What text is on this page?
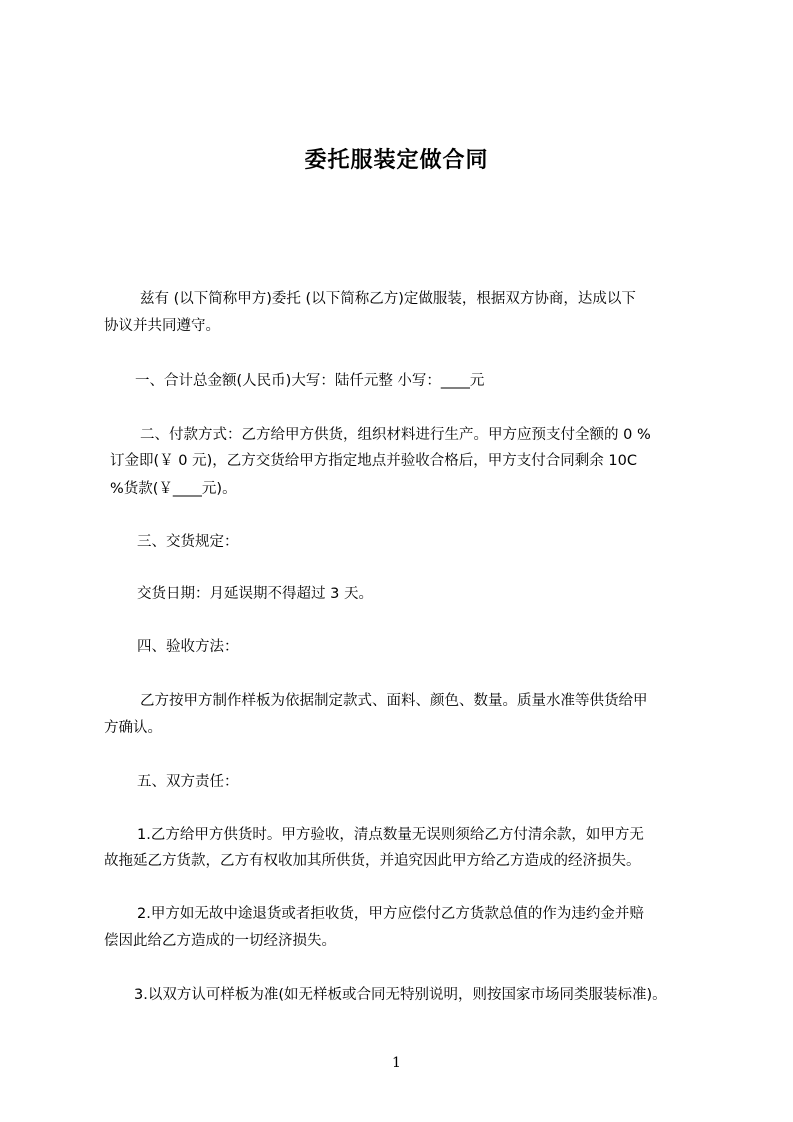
委托服装定做合同

兹有 (以下简称甲方)委托 (以下简称乙方)定做服装，根据双方协商，达成以下

协议并共同遵守。

一、合计总金额(人民币)大写：陆仟元整 小写：____元

二、付款方式：乙方给甲方供货，组织材料进行生产。甲方应预支付全额的 0 %

订金即(￥ 0 元)，乙方交货给甲方指定地点并验收合格后，甲方支付合同剩余 10C

%货款(￥____元)。

三、交货规定：

交货日期：月延误期不得超过 3 天。

四、验收方法：

乙方按甲方制作样板为依据制定款式、面料、颜色、数量。质量水准等供货给甲

方确认。

五、双方责任：

1.乙方给甲方供货时。甲方验收，清点数量无误则须给乙方付清余款，如甲方无

故拖延乙方货款，乙方有权收加其所供货，并追究因此甲方给乙方造成的经济损失。

2.甲方如无故中途退货或者拒收货，甲方应偿付乙方货款总值的作为违约金并赔

偿因此给乙方造成的一切经济损失。

3.以双方认可样板为准(如无样板或合同无特别说明，则按国家市场同类服装标准)。

1
